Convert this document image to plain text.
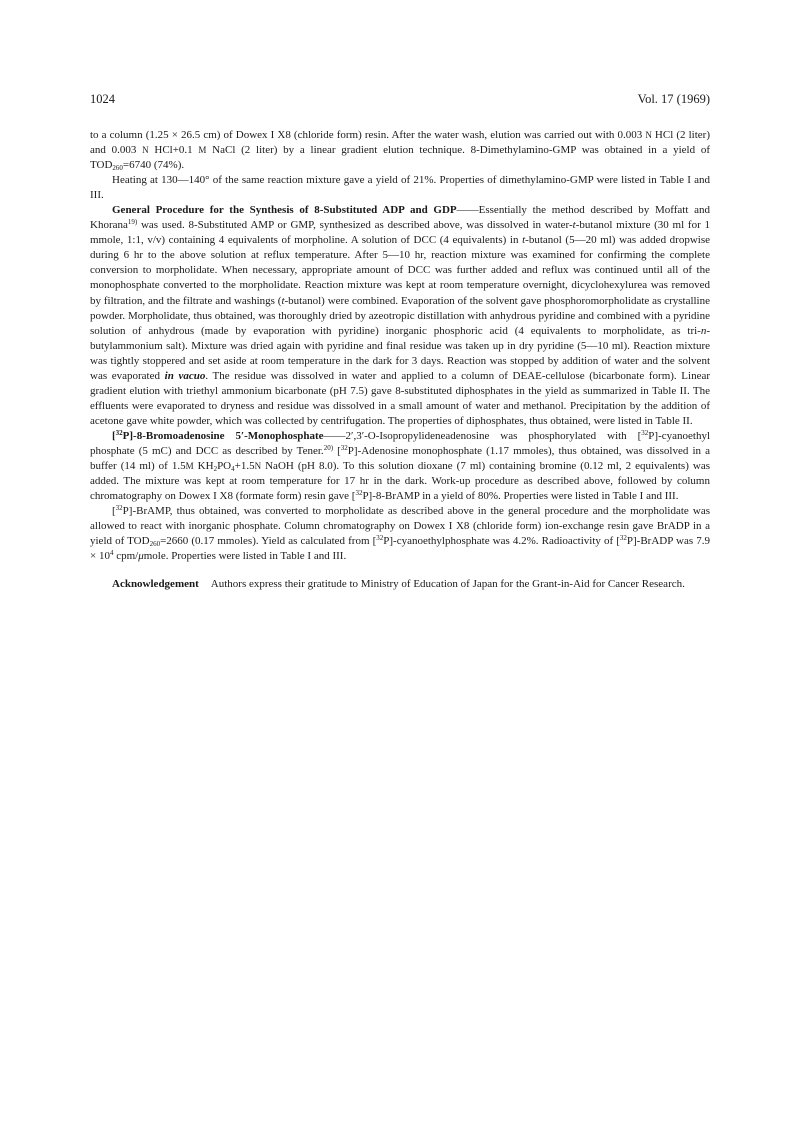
1024	Vol. 17 (1969)

to a column (1.25 × 26.5 cm) of Dowex I X8 (chloride form) resin. After the water wash, elution was carried out with 0.003 N HCl (2 liter) and 0.003 N HCl+0.1 M NaCl (2 liter) by a linear gradient elution technique. 8-Dimethylamino-GMP was obtained in a yield of $TOD_{260}=6740$ (74%).

Heating at 130—140° of the same reaction mixture gave a yield of 21%. Properties of dimethylamino-GMP were listed in Table I and III.

General Procedure for the Synthesis of 8-Substituted ADP and GDP——Essentially the method described by Moffatt and Khorana$^{19)}$ was used. 8-Substituted AMP or GMP, synthesized as described above, was dissolved in water-t-butanol mixture (30 ml for 1 mmole, 1:1, v/v) containing 4 equivalents of morpholine. A solution of DCC (4 equivalents) in t-butanol (5—20 ml) was added dropwise during 6 hr to the above solution at reflux temperature. After 5—10 hr, reaction mixture was examined for confirming the complete conversion to morpholidate. When necessary, appropriate amount of DCC was further added and reflux was continued until all of the monophosphate converted to the morpholidate. Reaction mixture was kept at room temperature overnight, dicyclohexylurea was removed by filtration, and the filtrate and washings (t-butanol) were combined. Evaporation of the solvent gave phosphoromorpholidate as crystalline powder. Morpholidate, thus obtained, was thoroughly dried by azeotropic distillation with anhydrous pyridine and combined with a pyridine solution of anhydrous (made by evaporation with pyridine) inorganic phosphoric acid (4 equivalents to morpholidate, as tri-n-butylammonium salt). Mixture was dried again with pyridine and final residue was taken up in dry pyridine (5—10 ml). Reaction mixture was tightly stoppered and set aside at room temperature in the dark for 3 days. Reaction was stopped by addition of water and the solvent was evaporated in vacuo. The residue was dissolved in water and applied to a column of DEAE-cellulose (bicarbonate form). Linear gradient elution with triethyl ammonium bicarbonate (pH 7.5) gave 8-substituted diphosphates in the yield as summarized in Table II. The effluents were evaporated to dryness and residue was dissolved in a small amount of water and methanol. Precipitation by the addition of acetone gave white powder, which was collected by centrifugation. The properties of diphosphates, thus obtained, were listed in Table II.

[$^{32}$P]-8-Bromoadenosine 5′-Monophosphate——2′,3′-O-Isopropylideneadenosine was phosphorylated with [$^{32}$P]-cyanoethyl phosphate (5 mC) and DCC as described by Tener.$^{20)}$ [$^{32}$P]-Adenosine monophosphate (1.17 mmoles), thus obtained, was dissolved in a buffer (14 ml) of 1.5M $KH_2PO_4+1.5N$ NaOH (pH 8.0). To this solution dioxane (7 ml) containing bromine (0.12 ml, 2 equivalents) was added. The mixture was kept at room temperature for 17 hr in the dark. Work-up procedure as described above, followed by column chromatography on Dowex I X8 (formate form) resin gave [$^{32}$P]-8-BrAMP in a yield of 80%. Properties were listed in Table I and III.

[$^{32}$P]-BrAMP, thus obtained, was converted to morpholidate as described above in the general procedure and the morpholidate was allowed to react with inorganic phosphate. Column chromatography on Dowex I X8 (chloride form) ion-exchange resin gave BrADP in a yield of $TOD_{260}=2660$ (0.17 mmoles). Yield as calculated from [$^{32}$P]-cyanoethylphosphate was 4.2%. Radioactivity of [$^{32}$P]-BrADP was $7.9 \times 10^4$ cpm/μmole. Properties were listed in Table I and III.

Acknowledgement Authors express their gratitude to Ministry of Education of Japan for the Grant-in-Aid for Cancer Research.
